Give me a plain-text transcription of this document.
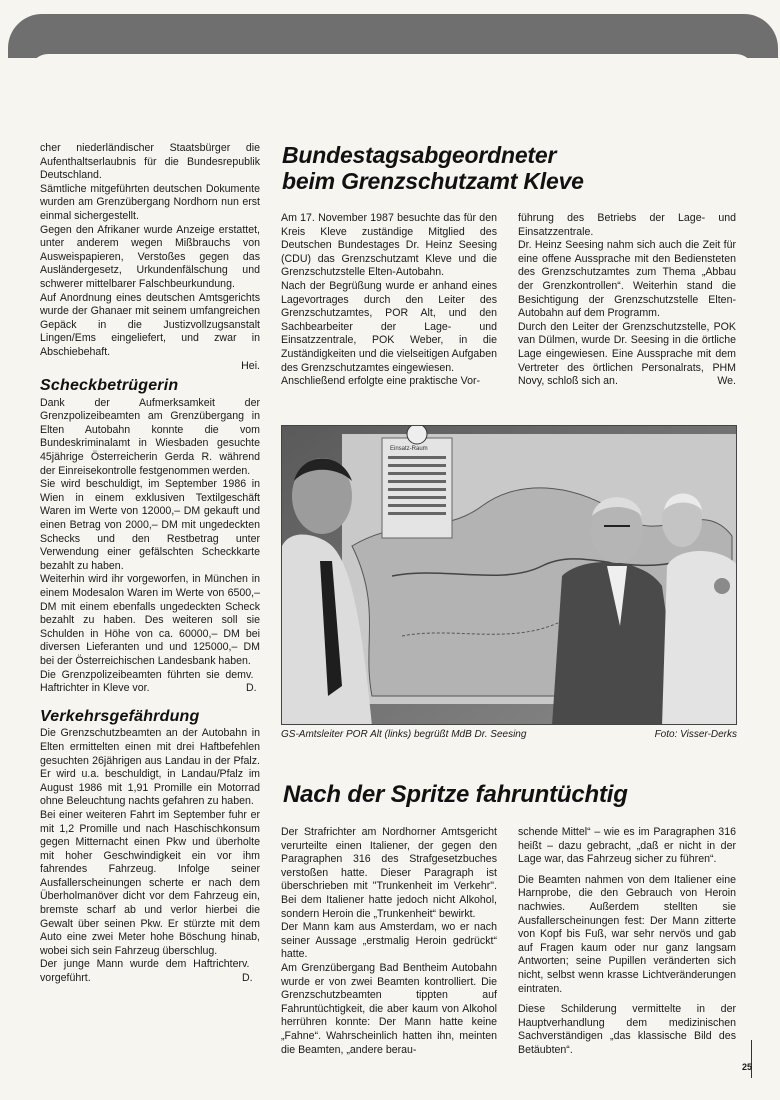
cher niederländischer Staatsbürger die Aufenthaltserlaubnis für die Bundesrepublik Deutschland.

Sämtliche mitgeführten deutschen Dokumente wurden am Grenzübergang Nordhorn nun erst einmal sichergestellt.

Gegen den Afrikaner wurde Anzeige erstattet, unter anderem wegen Mißbrauchs von Ausweispapieren, Verstoßes gegen das Ausländergesetz, Urkundenfälschung und schwerer mittelbarer Falschbeurkundung.

Auf Anordnung eines deutschen Amtsgerichts wurde der Ghanaer mit seinem umfangreichen Gepäck in die Justizvollzugsanstalt Lingen/Ems eingeliefert, und zwar in Abschiebehaft.

Hei.

Scheckbetrügerin

Dank der Aufmerksamkeit der Grenzpolizeibeamten am Grenzübergang in Elten Autobahn konnte die vom Bundeskriminalamt in Wiesbaden gesuchte 45jährige Österreicherin Gerda R. während der Einreisekontrolle festgenommen werden.

Sie wird beschuldigt, im September 1986 in Wien in einem exklusiven Textilgeschäft Waren im Werte von 12000,– DM gekauft und einen Betrag von 2000,– DM mit ungedeckten Schecks und den Restbetrag unter Verwendung einer gefälschten Scheckkarte bezahlt zu haben.

Weiterhin wird ihr vorgeworfen, in München in einem Modesalon Waren im Werte von 6500,– DM mit einem ebenfalls ungedeckten Scheck bezahlt zu haben. Des weiteren soll sie Schulden in Höhe von ca. 60000,– DM bei diversen Lieferanten und und 125000,– DM bei der Österreichischen Landesbank haben.

Die Grenzpolizeibeamten führten sie dem Haftrichter in Kleve vor.
v. D.

Verkehrsgefährdung

Die Grenzschutzbeamten an der Autobahn in Elten ermittelten einen mit drei Haftbefehlen gesuchten 26jährigen aus Landau in der Pfalz. Er wird u.a. beschuldigt, in Landau/Pfalz im August 1986 mit 1,91 Promille ein Motorrad ohne Beleuchtung nachts gefahren zu haben.

Bei einer weiteren Fahrt im September fuhr er mit 1,2 Promille und nach Haschischkonsum gegen Mitternacht einen Pkw und überholte mit hoher Geschwindigkeit ein vor ihm fahrendes Fahrzeug. Infolge seiner Ausfallerscheinungen scherte er nach dem Überholmanöver dicht vor dem Fahrzeug ein, bremste scharf ab und verlor hierbei die Gewalt über seinen Pkw. Er stürzte mit dem Auto eine zwei Meter hohe Böschung hinab, wobei sich sein Fahrzeug überschlug.

Der junge Mann wurde dem Haftrichter vorgeführt.
v. D.

Bundestagsabgeordneter
beim Grenzschutzamt Kleve

Am 17. November 1987 besuchte das für den Kreis Kleve zuständige Mitglied des Deutschen Bundestages Dr. Heinz Seesing (CDU) das Grenzschutzamt Kleve und die Grenzschutzstelle Elten-Autobahn.

Nach der Begrüßung wurde er anhand eines Lagevortrages durch den Leiter des Grenzschutzamtes, POR Alt, und den Sachbearbeiter der Lage- und Einsatzzentrale, POK Weber, in die Zuständigkeiten und die vielseitigen Aufgaben des Grenzschutzamtes eingewiesen.

Anschließend erfolgte eine praktische Vor-

führung des Betriebs der Lage- und Einsatzzentrale.

Dr. Heinz Seesing nahm sich auch die Zeit für eine offene Aussprache mit den Bediensteten des Grenzschutzamtes zum Thema „Abbau der Grenzkontrollen“. Weiterhin stand die Besichtigung der Grenzschutzstelle Elten-Autobahn auf dem Programm.

Durch den Leiter der Grenzschutzstelle, POK van Dülmen, wurde Dr. Seesing in die örtliche Lage eingewiesen. Eine Aussprache mit dem Vertreter des örtlichen Personalrats, PHM Novy, schloß sich an.	We.

Einsatz-Raum
GS-Amtsleiter POR Alt (links) begrüßt MdB Dr. Seesing	Foto: Visser-Derks
Nach der Spritze fahruntüchtig

Der Strafrichter am Nordhorner Amtsgericht verurteilte einen Italiener, der gegen den Paragraphen 316 des Strafgesetzbuches verstoßen hatte. Dieser Paragraph ist überschrieben mit "Trunkenheit im Verkehr". Bei dem Italiener hatte jedoch nicht Alkohol, sondern Heroin die „Trunkenheit“ bewirkt.

Der Mann kam aus Amsterdam, wo er nach seiner Aussage „erstmalig Heroin gedrückt“ hatte.

Am Grenzübergang Bad Bentheim Autobahn wurde er von zwei Beamten kontrolliert. Die Grenzschutzbeamten tippten auf Fahruntüchtigkeit, die aber kaum von Alkohol herrühren konnte: Der Mann hatte keine „Fahne“. Wahrscheinlich hatten ihn, meinten die Beamten, „andere berau-

schende Mittel“ – wie es im Paragraphen 316 heißt – dazu gebracht, „daß er nicht in der Lage war, das Fahrzeug sicher zu führen“.

Die Beamten nahmen von dem Italiener eine Harnprobe, die den Gebrauch von Heroin nachwies. Außerdem stellten sie Ausfallerscheinungen fest: Der Mann zitterte von Kopf bis Fuß, war sehr nervös und gab auf Fragen kaum oder nur ganz langsam Antworten; seine Pupillen veränderten sich nicht, selbst wenn krasse Lichtveränderungen eintraten.

Diese Schilderung vermittelte in der Hauptverhandlung dem medizinischen Sachverständigen „das klassische Bild des Betäubten“.

25
